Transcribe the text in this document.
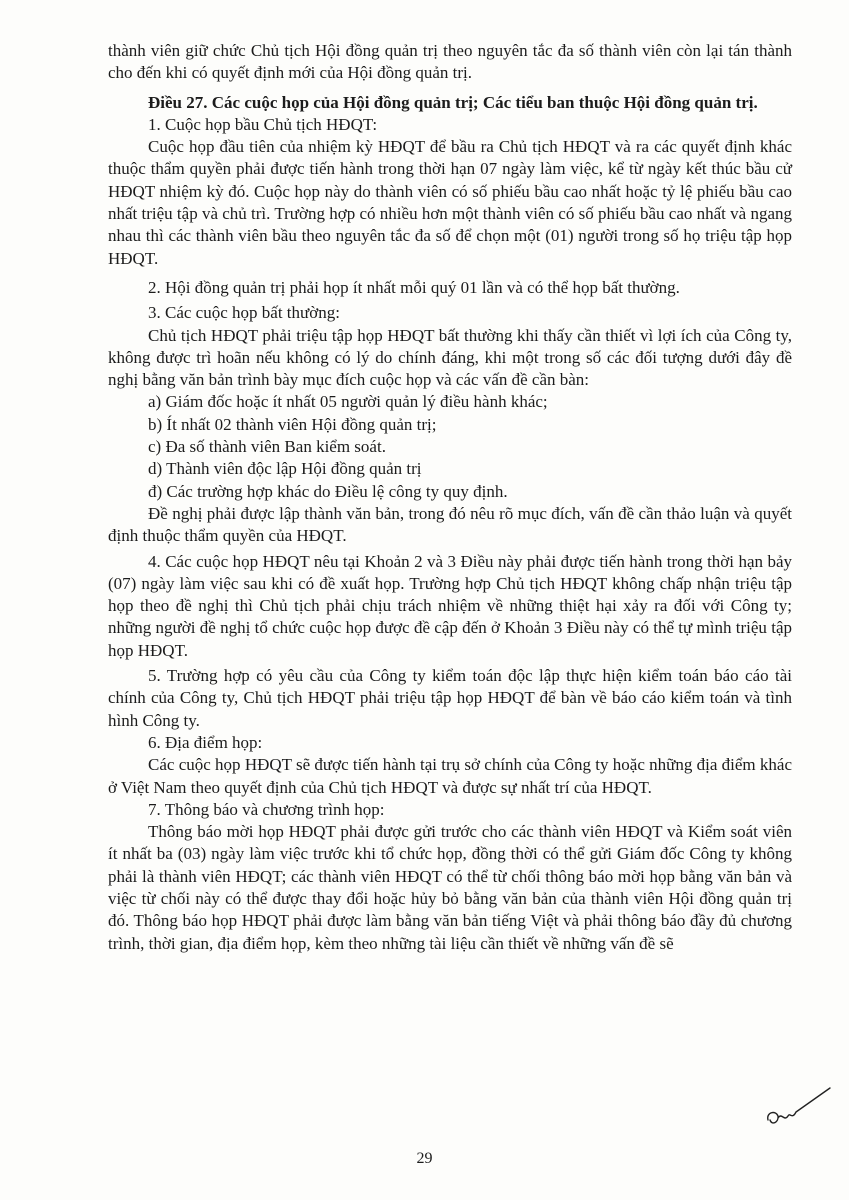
thành viên giữ chức Chủ tịch Hội đồng quản trị theo nguyên tắc đa số thành viên còn lại tán thành cho đến khi có quyết định mới của Hội đồng quản trị.

Điều 27. Các cuộc họp của Hội đồng quản trị; Các tiểu ban thuộc Hội đồng quản trị.

1. Cuộc họp bầu Chủ tịch HĐQT:

Cuộc họp đầu tiên của nhiệm kỳ HĐQT để bầu ra Chủ tịch HĐQT và ra các quyết định khác thuộc thẩm quyền phải được tiến hành trong thời hạn 07 ngày làm việc, kể từ ngày kết thúc bầu cử HĐQT nhiệm kỳ đó. Cuộc họp này do thành viên có số phiếu bầu cao nhất hoặc tỷ lệ phiếu bầu cao nhất triệu tập và chủ trì. Trường hợp có nhiều hơn một thành viên có số phiếu bầu cao nhất và ngang nhau thì các thành viên bầu theo nguyên tắc đa số để chọn một (01) người trong số họ triệu tập họp HĐQT.

2. Hội đồng quản trị phải họp ít nhất mỗi quý 01 lần và có thể họp bất thường.

3. Các cuộc họp bất thường:

Chủ tịch HĐQT phải triệu tập họp HĐQT bất thường khi thấy cần thiết vì lợi ích của Công ty, không được trì hoãn nếu không có lý do chính đáng, khi một trong số các đối tượng dưới đây đề nghị bằng văn bản trình bày mục đích cuộc họp và các vấn đề cần bàn:

a) Giám đốc hoặc ít nhất 05 người quản lý điều hành khác;

b) Ít nhất 02 thành viên Hội đồng quản trị;

c) Đa số thành viên Ban kiểm soát.

d) Thành viên độc lập Hội đồng quản trị

đ) Các trường hợp khác do Điều lệ công ty quy định.

Đề nghị phải được lập thành văn bản, trong đó nêu rõ mục đích, vấn đề cần thảo luận và quyết định thuộc thẩm quyền của HĐQT.

4. Các cuộc họp HĐQT nêu tại Khoản 2 và 3 Điều này phải được tiến hành trong thời hạn bảy (07) ngày làm việc sau khi có đề xuất họp. Trường hợp Chủ tịch HĐQT không chấp nhận triệu tập họp theo đề nghị thì Chủ tịch phải chịu trách nhiệm về những thiệt hại xảy ra đối với Công ty; những người đề nghị tổ chức cuộc họp được đề cập đến ở Khoản 3 Điều này có thể tự mình triệu tập họp HĐQT.

5. Trường hợp có yêu cầu của Công ty kiểm toán độc lập thực hiện kiểm toán báo cáo tài chính của Công ty, Chủ tịch HĐQT phải triệu tập họp HĐQT để bàn về báo cáo kiểm toán và tình hình Công ty.

6. Địa điểm họp:

Các cuộc họp HĐQT sẽ được tiến hành tại trụ sở chính của Công ty hoặc những địa điểm khác ở Việt Nam theo quyết định của Chủ tịch HĐQT và được sự nhất trí của HĐQT.

7. Thông báo và chương trình họp:

Thông báo mời họp HĐQT phải được gửi trước cho các thành viên HĐQT và Kiểm soát viên ít nhất ba (03) ngày làm việc trước khi tổ chức họp, đồng thời có thể gửi Giám đốc Công ty không phải là thành viên HĐQT; các thành viên HĐQT có thể từ chối thông báo mời họp bằng văn bản và việc từ chối này có thể được thay đổi hoặc hủy bỏ bằng văn bản của thành viên Hội đồng quản trị đó. Thông báo họp HĐQT phải được làm bằng văn bản tiếng Việt và phải thông báo đầy đủ chương trình, thời gian, địa điểm họp, kèm theo những tài liệu cần thiết về những vấn đề sẽ

29
